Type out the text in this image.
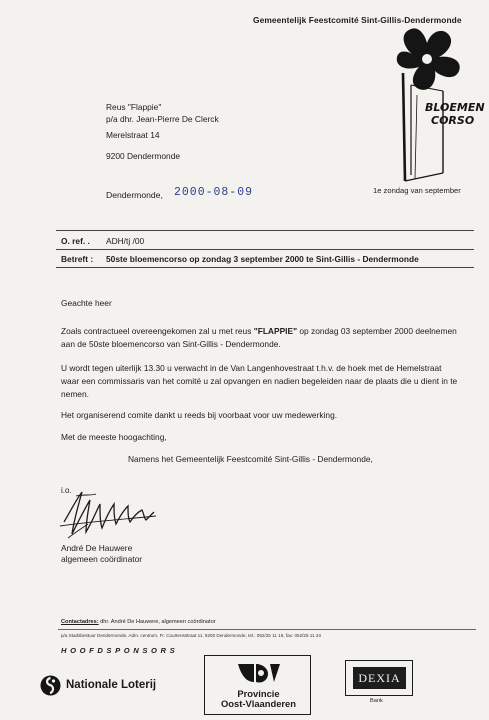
Gemeentelijk Feestcomité Sint-Gillis-Dendermonde
BLOEMEN
CORSO
1e zondag van september
Reus "Flappie"
p/a dhr. Jean-Pierre De Clerck
Merelstraat 14
9200 Dendermonde
Dendermonde, 2000-08-09
O. ref. . ADH/tj /00
Betreft : 50ste bloemencorso op zondag 3 september 2000 te Sint-Gillis - Dendermonde
Geachte heer
Zoals contractueel overeengekomen zal u met reus "FLAPPIE" op zondag 03 september 2000 deelnemen aan de 50ste bloemencorso van Sint-Gillis - Dendermonde.
U wordt tegen uiterlijk 13.30 u verwacht in de Van Langenhovestraat t.h.v. de hoek met de Hemelstraat waar een commissaris van het comité u zal opvangen en nadien begeleiden naar de plaats die u dient in te nemen.
Het organiserend comite dankt u reeds bij voorbaat voor uw medewerking.
Met de meeste hoogachting,
Namens het Gemeentelijk Feestcomité Sint-Gillis - Dendermonde,
i.o.
André De Hauwere
algemeen coördinator
Contactadres: dhr. André De Hauwere, algemeen coördinator
p/a Stadsbestuur Dendermonde, Adm. centrum, Fr. Courtensstraat 11, 9200 Dendermonde, tel.: 052/25 11 16, fax: 052/25 11 24
HOOFDSPONSORS
Nationale Loterij
Provincie
Oost-Vlaanderen
DEXIA
Bank
